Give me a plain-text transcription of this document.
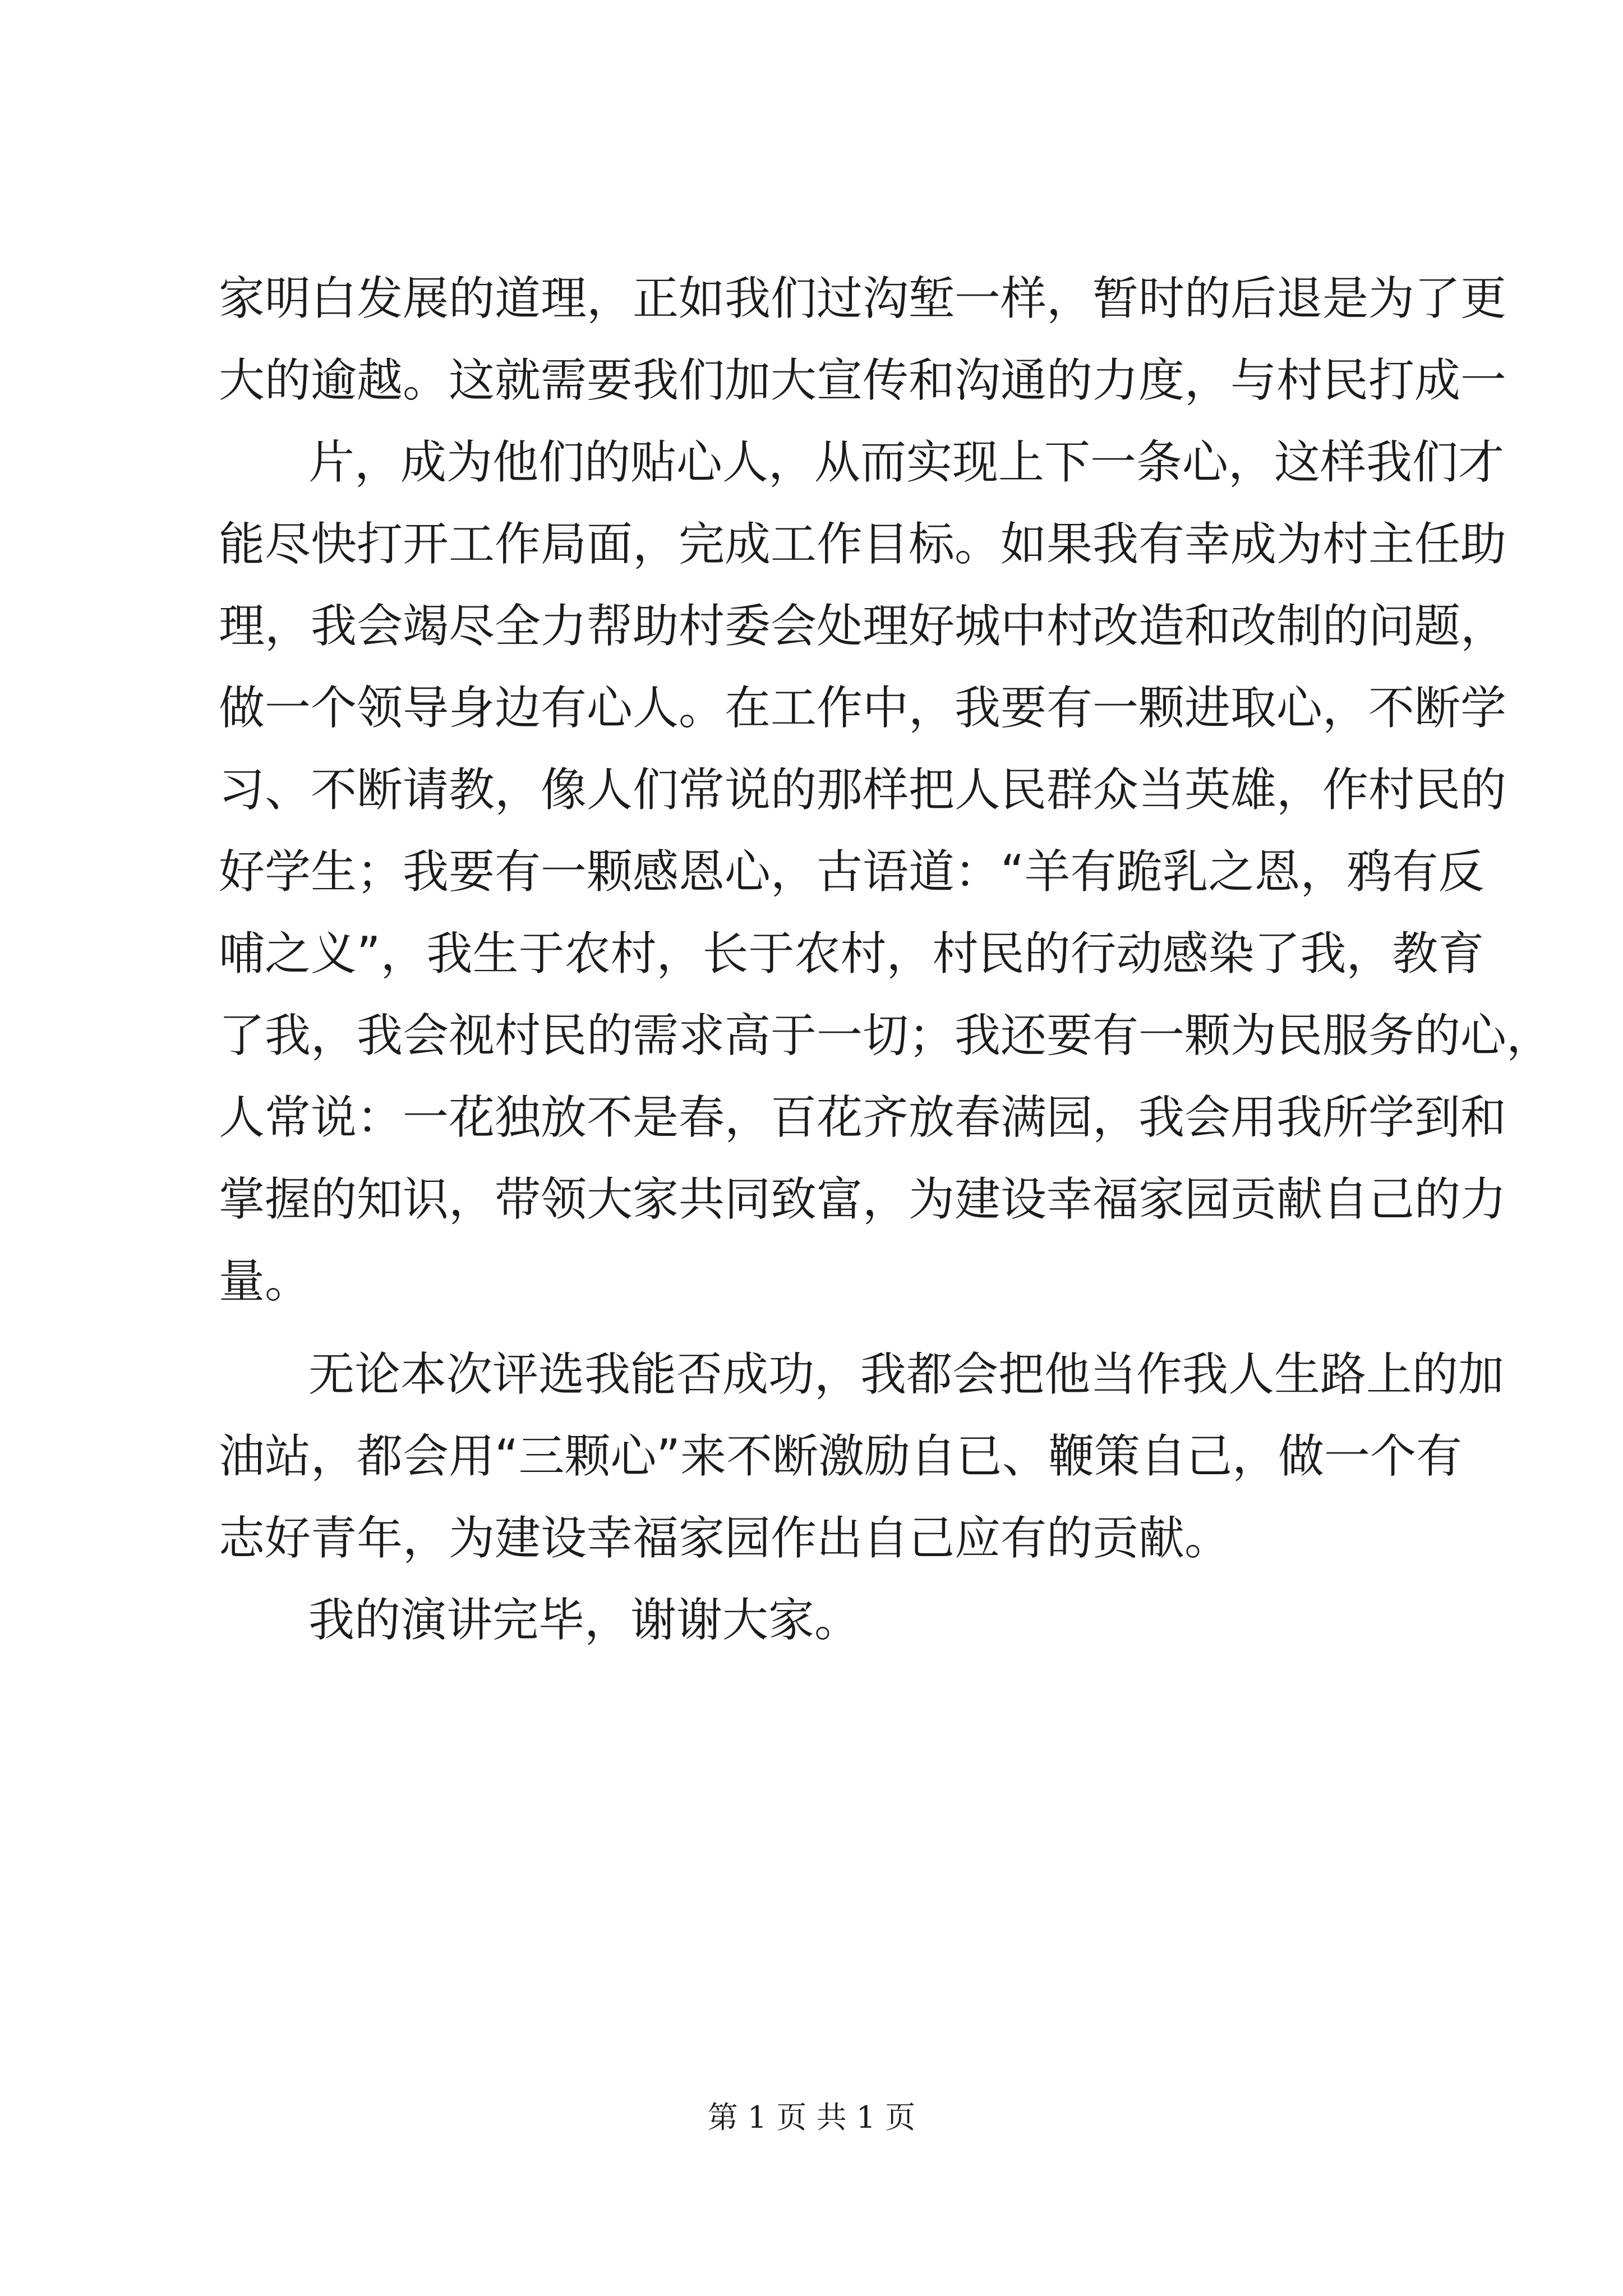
家明白发展的道理，正如我们过沟堑一样，暂时的后退是为了更

大的逾越。这就需要我们加大宣传和沟通的力度，与村民打成一

片，成为他们的贴心人，从而实现上下一条心，这样我们才

能尽快打开工作局面，完成工作目标。如果我有幸成为村主任助

理，我会竭尽全力帮助村委会处理好城中村改造和改制的问题，

做一个领导身边有心人。在工作中，我要有一颗进取心，不断学

习、不断请教，像人们常说的那样把人民群众当英雄，作村民的

好学生；我要有一颗感恩心，古语道：“羊有跪乳之恩，鸦有反

哺之义”，我生于农村，长于农村，村民的行动感染了我，教育

了我，我会视村民的需求高于一切；我还要有一颗为民服务的心，

人常说：一花独放不是春，百花齐放春满园，我会用我所学到和

掌握的知识，带领大家共同致富，为建设幸福家园贡献自己的力

量。

无论本次评选我能否成功，我都会把他当作我人生路上的加

油站，都会用“三颗心”来不断激励自已、鞭策自己，做一个有

志好青年，为建设幸福家园作出自己应有的贡献。

我的演讲完毕，谢谢大家。

第 1 页 共 1 页
